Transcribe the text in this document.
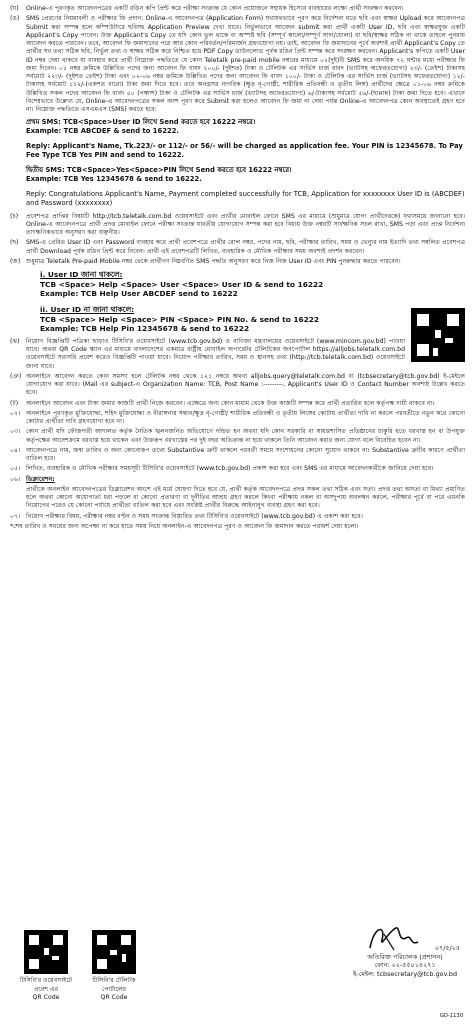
(ঘ)	Online-এ পূরণকৃত আবেদনপত্রের একটি রঙিন কপি প্রিন্ট করে পরীক্ষা সংক্রান্ত যে কোন প্রয়োজনে সহায়ক হিসেবে ব্যবহারের লক্ষ্যে প্রার্থী সংরক্ষণ করবেন।
(ঙ)	SMS প্রেরণের নিয়মাবলী ও পরীক্ষার ফি প্রদান: Online-এ আবেদনপত্র (Application Form) যথাযথভাবে পূরণ করে নির্দেশনা মতে ছবি এবং স্বাক্ষর Upload করে আবেদনপত্র Submit করা সম্পন্ন হলে কম্পিউটারে ছবিসহ Application Preview দেখা যাবে। নির্ভুলভাবে আবেদন submit করা প্রার্থী একটি User ID, ছবি এবং স্বাক্ষরযুক্ত একটি Applicant's Copy পাবেন। উক্ত Applicant's Copy তে যদি কোন ভুল থাকে বা অস্পষ্ট ছবি (সম্পূর্ণ কালো/সম্পূর্ণ সাদা/ঘোলা) বা ছবি/স্বাক্ষর সঠিক না থাকে তাহলে পুনরায় আবেদন করতে পারবেন। তবে, আবেদন ফি জমাদানের পরে আর কোন পরিবর্তন/পরিমার্জন গ্রহণযোগ্য নয়। তাই, আবেদন ফি জমাদানের পূর্বে অবশ্যই প্রার্থী Applicant's Copy তে প্রার্থীর সব তথ্য সঠিক ছবি, নির্ভুল তথ্য ও স্বাক্ষর সঠিক করে নিশ্চিত হয়ে PDF Copy ডাউনলোড পূর্বক রঙিন প্রিন্ট সম্পন্ন করে সংরক্ষণ করবেন। Applicant's কপিতে একটি User ID নম্বর দেয়া থাকবে যা ব্যবহার করে প্রার্থী নিম্নোক্ত পদ্ধতিতে যে কোন Teletalk pre-paid mobile নম্বরের মাধ্যমে ০২(দুই)টি SMS করে অনধিক ৭২ ঘন্টার মধ্যে পরীক্ষার ফি জমা দিবেন। ০১ নম্বর ক্রমিকে উল্লিখিত পদের জন্য আবেদন ফি বাবদ ২০০/- (দুইশত) টাকা ও টেলিটক এর সার্ভিস চার্জ বাবদ (ভ্যাটসহ অফেরতযোগ্য) ২৩/- (তেইশ) টাকাসহ সর্বমোট ২২৩/- (দুইশত তেইশ) টাকা এবং ০২-০৬ নম্বর ক্রমিকে উল্লিখিত পদের জন্য আবেদন ফি বাবদ ১০০/- টাকা ও টেলিটক এর সার্ভিস চার্জ (ভ্যাটসহ অফেরতযোগ্য) ১২/- টাকাসহ সর্বমোট ১১২/-(একশত বারো) টাকা জমা দিতে হবে। তবে অনগ্রসর নাগরিক (ক্ষুদ্র নৃ-গোষ্ঠী, শারীরিক প্রতিবন্ধী ও তৃতীয় লিঙ্গ) প্রার্থীদের ক্ষেত্রে ০১-০৬ নম্বর ক্রমিকে উল্লিখিত সকল পদের আবেদন ফি বাবদ ৫০ (পঞ্চাশ) টাকা ও টেলিটক এর সার্ভিস চার্জ (ভ্যাটসহ অফেরতযোগ্য) ৬/-টাকাসহ সর্বমোট ৫৬/-(ছাপ্পান্ন) টাকা জমা দিতে হবে। এখানে বিশেষভাবে উল্লেখ্য যে, Online-এ আবেদনপত্রের সকল অংশ পূরণ করে Submit করা হলেও আবেদন ফি জমা না দেয়া পর্যন্ত Online-এ আবেদনপত্র কোন অবস্থাতেই গ্রহণ হবে না। নিম্নোক্ত পদ্ধতিতে এসএমএস (SMS) করতে হবে:
প্রথম SMS: TCB<Space>User ID লিখে Send করতে হবে 16222 নম্বরে।
Example: TCB ABCDEF & send to 16222.
Reply: Applicant's Name, Tk.223/- or 112/- or 56/- will be charged as application fee. Your PIN is 12345678. To Pay Fee Type TCB Yes PIN and send to 16222.
দ্বিতীয় SMS: TCB<Space>Yes<Space>PIN লিখে Send করতে হবে 16222 নম্বরে।
Example: TCB Yes 12345678 & send to 16222.
Reply: Congratulations Applicant's Name, Payment completed successfully for TCB, Application for xxxxxxxx User ID is (ABCDEF) and Password (xxxxxxxx)
(চ)	প্রবেশপত্র প্রাপ্তির বিষয়টি http://tcb.teletalk.com.bd ওয়েবসাইটে এবং প্রার্থীর মোবাইল ফোনে SMS এর মাধ্যমে (শুধুমাত্র যোগ্য প্রার্থীদেরকে) যথাসময়ে জানানো হবে। Online-এ আবেদনপত্রে প্রার্থী প্রদত্ত মোবাইল ফোনে পরীক্ষা সংক্রান্ত যাবতীয় যোগাযোগ সম্পন্ন করা হবে বিধায় উক্ত নম্বরটি সার্বক্ষণিক সচল রাখা, SMS পড়া এবং প্রাপ্ত নির্দেশনা তাৎক্ষণিকভাবে অনুসরণ করা বাঞ্ছনীয়।
(ছ)	SMS-এ প্রেরিত User ID এবং Password ব্যবহার করে প্রার্থী প্রবেশপত্রে প্রার্থীর রোল নম্বর, পদের নাম, ছবি, পরীক্ষার তারিখ, সময় ও ভেন্যুর নাম ইত্যাদি তথ্য সম্বলিত প্রবেশপত্র প্রার্থী Download পূর্বক রঙিন প্রিন্ট করে নিবেন। প্রার্থী এই প্রবেশপত্রটি লিখিত, ব্যবহারিক ও মৌখিক পরীক্ষার সময় অবশ্যই প্রদর্শন করবেন।
(জ) শুধুমাত্র Teletalk Pre-paid Mobile নম্বর থেকে প্রার্থীগণ নিম্নবর্ণিত SMS পদ্ধতি অনুসরণ করে নিজ নিজ User ID এবং PIN পুনরুদ্ধার করতে পারবেন।
i. User ID জানা থাকলে:
TCB <Space> Help <Space> User <Space> User ID & send to 16222
Example: TCB Help User ABCDEF send to 16222
ii. User ID না জানা থাকলে:
TCB <Space> Help <Space> PIN <Space> PIN No. & send to 16222
Example: TCB Help Pin 12345678 & send to 16222
(ঝ)	নিয়োগ বিজ্ঞপ্তিটি পত্রিকা ছাড়াও টিসিবি'র ওয়েবসাইটে (www.tcb.gov.bd) ও বাণিজ্য মন্ত্রণালয়ের ওয়েবসাইটে (www.mincom.gov.bd) পাওয়া যাবে। অথবা QR Code স্ক্যান এর মাধ্যমে বাংলাদেশের একমাত্র রাষ্ট্রীয় মোবাইল অপারেটর টেলিটকের জবপোর্টাল https://alljobs.teletalk.com.bd ওয়েবসাইটে সরাসরি প্রবেশ করেও বিজ্ঞপ্তিটি পাওয়া যাবে। নিয়োগ পরীক্ষার তারিখ, সময় ও স্থানসহ তথ্য (http://tcb.teletalk.com.bd) ওয়েবসাইটে জানা যাবে।
(ঞ) অনলাইনে আবেদন করতে কোন সমস্যা হলে টেলিটক নম্বর থেকে ১২১ নম্বরে অথবা alljobs.query@teletalk.com.bd বা (tcbsecretary@tcb.gov.bd) ই-মেইলে যোগাযোগ করা যাবে। (Mail এর subject-এ Organization Name: TCB, Post Name :---------, Applicant's User ID ও Contact Number অবশ্যই উল্লেখ করতে হবে।
(ট)	অনলাইনে আবেদন এবং টাকা জমার কাজটি প্রার্থী নিজে করবেন। এক্ষেত্রে অন্য কোন মাধ্যম থেকে উক্ত কাজটি সম্পন্ন করে প্রার্থী প্রতারিত হলে কর্তৃপক্ষ দায়ী থাকবে না।
০২। অনলাইনে পূরণকৃত মুক্তিযোদ্ধা, শহিদ মুক্তিযোদ্ধা ও বীরাঙ্গনার সন্তান/ক্ষুদ্র নৃ-গোষ্ঠী/ শারীরিক প্রতিবন্ধী ও তৃতীয় লিঙ্গের কোটায় প্রার্থীতা দাবি না করলে পরবর্তীতে নতুন করে কোনো কোটার প্রার্থীতা দাবি গ্রহণযোগ্য হবে না।
০৩। কোন প্রার্থী যদি ফৌজদারী আদালত কর্তৃক নৈতিক স্খলনজনিত অভিযোগে দন্ডিত হন অথবা যদি কোন সরকারি বা স্বায়ত্তশাসিত প্রতিষ্ঠানের চাকুরি হতে বরখাস্ত হন বা উপযুক্ত কর্তৃপক্ষের আদেশক্রমে বরখাস্ত হয়ে থাকেন এবং উক্তরূপ বরখাস্তের পর দুই বছর অতিক্রান্ত না হয়ে থাকলে তিনি আবেদন করার জন্য যোগ্য বলে বিবেচিত হবেন না।
০৪। আবেদনপত্রে নাম, জন্ম তারিখ ও অন্য কোনোরূপ তথ্যে Substantive ত্রুটি থাকলে পরবর্তী সময়ে সংশোধনের কোনো সুযোগ থাকবে না। Substantive ত্রুটির কারণে প্রার্থীতা বাতিল হবে।
০৫। লিখিত, ব্যবহারিক ও মৌখিক পরীক্ষার সময়সূচী টিসিবি'র ওয়েবসাইটে (www.tcb.gov.bd) প্রকাশ করা হবে এবং SMS এর মাধ্যমে আবেদনকারীকে জানিয়ে দেয়া হবে।
০৬। ডিক্লারেশন:
প্রার্থীকে অনলাইন আবেদনপত্রের ডিক্লারেশন অংশে এই মর্মে ঘোষণা দিতে হবে যে, প্রার্থী কর্তৃক আবেদনপত্রে প্রদত্ত সকল তথ্য সঠিক এবং সত্য। প্রদত্ত তথ্য অসত্য বা মিথ্যা প্রমাণিত হলে অথবা কোনো অযোগ্যতা ধরা পড়লে বা কোনো প্রতারণা বা দুর্নীতির আশ্রয় গ্রহণ করলে কিংবা পরীক্ষায় নকল বা অসদুপায় অবলম্বন করলে, পরীক্ষার পূর্বে বা পরে এমনকি নিয়োগের পরেও যে কোনো পর্যায়ে প্রার্থীতা বাতিল করা হবে এবং সংশ্লিষ্ট প্রার্থীর বিরুদ্ধে আইনানুগ ব্যবস্থা গ্রহণ করা হবে।
০৭। নিয়োগ পরীক্ষার বিষয়, পরীক্ষার নম্বর বণ্টন ও সময় সংক্রান্ত বিস্তারিত তথ্য টিসিবি'র ওয়েবসাইটে (www.tcb.gov.bd) এ প্রকাশ করা হবে।
*শেষ তারিখ ও সময়ের জন্য অপেক্ষা না করে হাতে সময় নিয়ে অনলাইন-এ আবেদনপত্র পূরণ ও আবেদন ফি জমাদান করতে পরামর্শ দেয়া হলো।
টিসিবি'র ওয়েবসাইটে
প্রবেশ এর
QR Code
টিসিবি'র টেলিটক
পোর্টালের
QR Code
০৭/৫/২৫
অতিরিক্ত পরিচালক (প্রশাসন)
ফোন: ০২-৫৫০১৪২৭১
ই-মেইল: tcbsecretary@tcb.gov.bd
GD-1130
